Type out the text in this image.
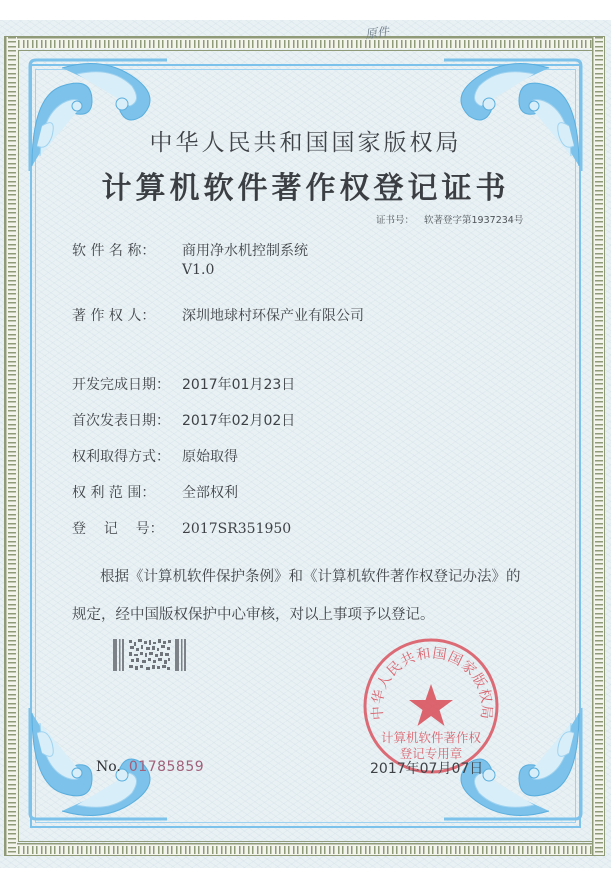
原件
中华人民共和国国家版权局
计算机软件著作权登记证书
证书号： 软著登字第1937234号
软 件 名 称： 商用净水机控制系统
V1.0
著 作 权 人： 深圳地球村环保产业有限公司
开发完成日期： 2017年01月23日
首次发表日期： 2017年02月02日
权利取得方式： 原始取得
权 利 范 围： 全部权利
登    记    号： 2017SR351950
根据《计算机软件保护条例》和《计算机软件著作权登记办法》的
规定，经中国版权保护中心审核，对以上事项予以登记。
中华人民共和国国家版权局
计算机软件著作权
登记专用章
No. 01785859	2017年07月07日
